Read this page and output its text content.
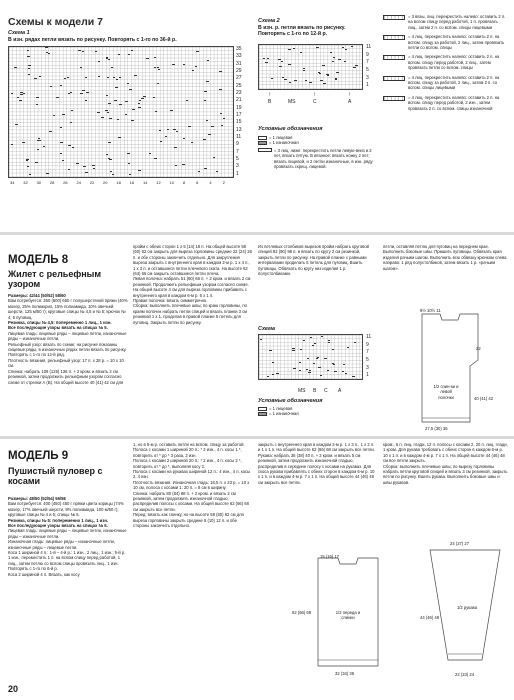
Схемы к модели 7
Схема 1
В изн. рядах петли вязать по рисунку. Повторять с 1-го по 36-й р.
35
33
31
29
27
25
23
21
19
17
15
13
11
9
7
5
3
1
34 32 30 28 26 24 22 20 18 16 14 12 10 8	6	4	2
Схема 2
В изн. р. петли вязать по рисунку. Повторять с 1-го по 12-й р.
11
9
7
5
3
1
↑
B	MS
↑
C
↑
A
Условные обозначения
= 1 лицевая
= 1 изнаночная
= 3 лиц. ниже: перекрестить петли левую-вниз и 2 пет, вязать пятую. В вязаное: вязать ножку 2 пет; вязать лицевой, и 2 петли изнаночные, в изн. ряду провязать скрещ. лицевой.
= 3 вязы, лиц. перекрестить налево: оставить 2 п. на вспом спицу перед работой, 1 п. провязать лиц., затем 2 п. со вспом. спицы лицевыми
= 4 лиц. перекрестить налево: оставить 2 п. на вспом. спицу за работой, 2 лиц., затем провязать петли со вспом. спицы
= 4 лиц. перекрестить налево: оставить 2 п. на вспом. спицу перед работой, 2 лиц., затем провязать петли со вспом. спицы
= 4 лиц. перекрестить налево: оставить 2 п. на вспом. спицу за работой, 2 лиц., затем 2 п. со вспом. спицы лицевыми
= 4 лиц. перекрестить налево: оставить 2 п. на вспом. спицу перед работой, 2 изн., затем провязать 2 п. со вспом. спицы изнаночной
МОДЕЛЬ 8
Жилет с рельефным узором
Размеры: 42/44 (50/52) 58/60
Вам потребуется: 350 (600) 650 г полушерстяной пряжи (40% мохер, 25% полиакрил, 15% полиамида, 10% овечьей шерсти, 125 м/50 г); круговые спицы № 4,5 и № 5; крючок № 4; 5 пуговиц.
Резинка, спицы № 4,5: попеременно 1 лиц., 1 изн.
Все последующие узоры вязать на спицах № 5.
Лицевая гладь: лицевые ряды – лицевые петли, изнаночные ряды – изнаночные петли.
Рельефный узор: вязать по схеме; на рисунке показаны лицевые ряды, в изнаночных рядах петли вязать по рисунку. Повторять с 1-го по 12-й ряд.
Плотность вязания, рельефный узор: 17 п. x 28 р. = 10 x 10 см.
Спинка: набрать 109 (126) 136 п. + 2 кром. и вязать 2 см резинкой, затем продолжить рельефным узором согласно схеме от стрелки А (В). На общей высоте 40 (41) 42 см для
пройм с обеих сторон 1 x 5 (14) 18 п. На общей высоте 58 (60) 62 см закрыть для выреза горловины средние 22 (24) 26 п. и обе стороны закончить отдельно. Для закругления выреза закрыть с внутреннего края в каждом 2-м р. 1 x 4 п., 1 x 3 п. и оставшиеся петли плечевого ската. На высоте 62 (64) 66 см закрыть оставшиеся петли плеча.
Левая полочка: набрать 51 (60) 66 п. + 2 кром. и вязать 2 см резинкой. Продолжить рельефным узором согласно схеме. На общей высоте 4 см для выреза горловины прибавить с внутреннего края в каждом 6-м р. 6 x 1 п.
Правая полочка: вязать симметрично.
Сборка: выполнить плечевые швы; по краю горловины, по краям полочек набрать петли спицей и вязать планки 3 см резинкой 1 x 1, проделав в правой планке 5 петель для пуговиц. Закрыть петли по рисунку.
Из петлевых столбиков вырезов пройм набрать круговой спицей 82 (90) 98 п. и вязать по кругу 2 см резинкой, закрыть петли по рисунку. На правой планке с равными интервалами проделать 5 петель для пуговиц. Вшить пуговицы. Обвязать по кругу низ изделия 1 р. полустолбиками.
петли, оставляя петлю для пуговиц на переднем крае. Выполнить боковые швы. Пришить пуговицы. Обвязать края изделия рачьим шагом. Выполнить всю обвязку крючком слева направо: 1 ряд полустолбиков, затем вязать 1 р. «рачьим шагом».
Схема
11
9
7
5
3
1
B C A
MS
Условные обозначения
= 1 лицевая
= 1 изнаночная
1/2 спин-ки и левой полочки
9½ 10½ 11
27,5 (30) 36
40 (41) 42
22
МОДЕЛЬ 9
Пушистый пуловер с косами
Размеры: 48/50 (52/54) 56/58
Вам потребуется: 400 (450) 450 г пряжи цвета корицы (74% мохер, 17% овечьей шерсти, 9% полиамида, 100 м/50 г); круговые спицы № 4 и 5; спицы № 5.
Резинка, спицы № 5: попеременно 1 лиц., 1 изн.
Все последующие узоры вязать на спицах № 5.
Лицевая гладь: лицевые ряды – лицевые петли, изнаночные ряды – изнаночные петли.
Изнаночная гладь: лицевые ряды – изнаночные петли, изнаночные ряды – лицевые петли.
Коса 1 шириной 4 п.: 1-й – 4-й р.: 1 изн., 2 лиц., 1 изн.; 5-й р. 1 изн., переместить 1 п. на вспом спицу перед работой, 1 лиц., затем петлю со вспом спицы провязать лиц., 1 изн. Повторять с 1-го по 6-й р.
Коса 2 шириной 4 п. Вязать, как косу
1, но в 5-м р. оставить петли на вспом. спицу за работой.
Полоса с косами 1 шириной 20 п.: * 2 изн., 4 п. косы 1 *, повторить от * до * 3 раза, 2 изн.
Полоса с косами 2 шириной 20 п.: * 2 изн., 4 п. косы 2 *, повторить от * до *, выполняя косу 2.
Полоса с косами на рукавах шириной 12 п.: 4 изн., 4 п. косы 2, 4 изн.
Плотность вязания. Изнаночная гладь: 16,5 п. x 23 р. = 10 x 10 см, полоса с косами 1: 20 п. = 8 см в ширину.
Спинка: набрать 80 (84) 88 п. + 2 кром. и вязать 2 см резинкой, затем продолжить изнаночной гладью, распределив полосы с косами. На общей высоте 62 (66) 68 см закрыть все петли.
Перед: вязать как спинку, но на высоте 58 (60) 62 см для выреза горловины закрыть средние 8 (10) 12 п. и обе стороны закончить отдельно.
закрыть с внутреннего края в каждом 2-м р. 1 x 3 п., 1 x 2 п. и 1 x 1 п. На общей высоте 62 (66) 68 см закрыть все петли.
Рукава: набрать 36 (38) 40 п. + 2 кром. и вязать 5 см резинкой, затем продолжить изнаночной гладью, распределив в середине полосу с косами на рукавах. Для скоса рукава прибавлять с обеих сторон в каждом 6-м р. 10 x 1 п. и в каждом 4-м р. 7 x 1 п. На общей высоте 44 (46) 48 см закрыть все петли.
кром., 6 п. лиц. глади, 12 п. полосы с косами 2, 20 п. лиц. глади, 1 кром. Для рукава требовать с обеих сторон в каждом 6-м р. 10 x 1 п. и в каждом 4-м р. 7 x 1 п. На общей высоте 44 (46) 48 см все петли закрыть.
Сборка: выполнить плечевые швы; по вырезу горловины набрать петли круговой спицей и вязать 3 см резинкой, закрыть петли по рисунку. Вшить рукава. Выполнить боковые швы и швы рукавов.
1/2 переда и спинки
32 (34) 36
15 (16) 17
62 (66) 68
1/2 рукава
24 (27) 27
44 (46) 48
22 (23) 24
20
